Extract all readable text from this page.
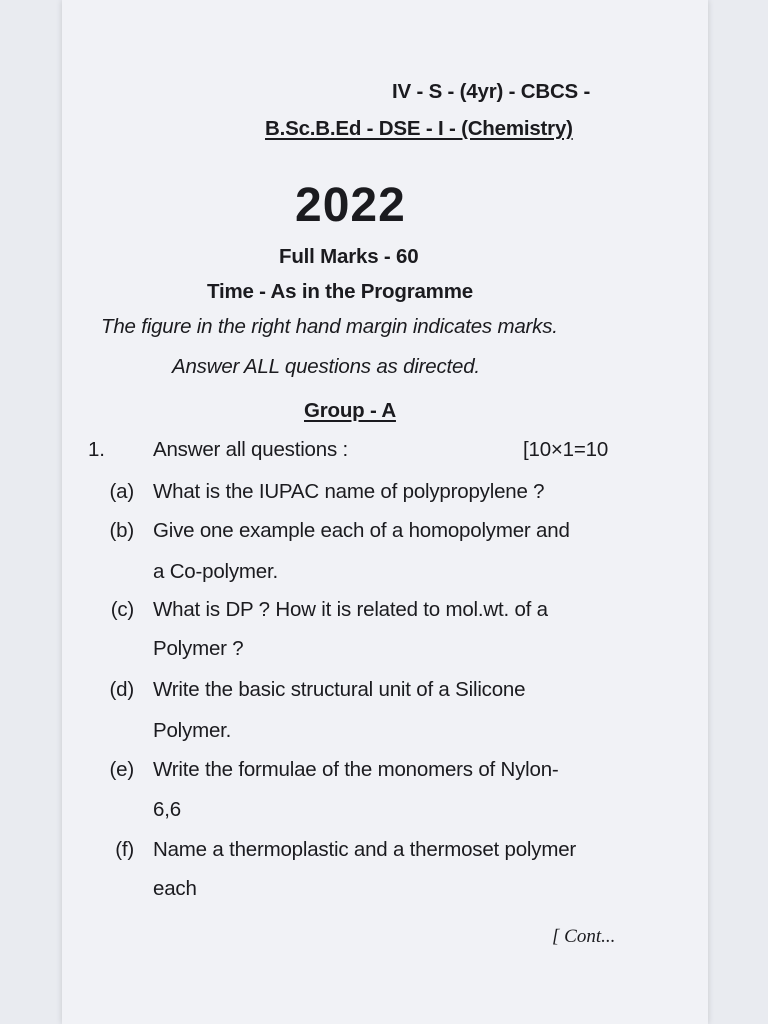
IV - S - (4yr) - CBCS -
B.Sc.B.Ed - DSE - I - (Chemistry)
2022
Full Marks - 60
Time - As in the Programme
The figure in the right hand margin indicates marks.
Answer ALL questions as directed.
Group - A
1. Answer all questions :	[10×1=10
(a) What is the IUPAC name of polypropylene ?
(b) Give one example each of a homopolymer and
a Co-polymer.
(c) What is DP ? How it is related to mol.wt. of a
Polymer ?
(d) Write the basic structural unit of a Silicone
Polymer.
(e) Write the formulae of the monomers of Nylon-
6,6
(f) Name a thermoplastic and a thermoset polymer
each
[ Cont...
